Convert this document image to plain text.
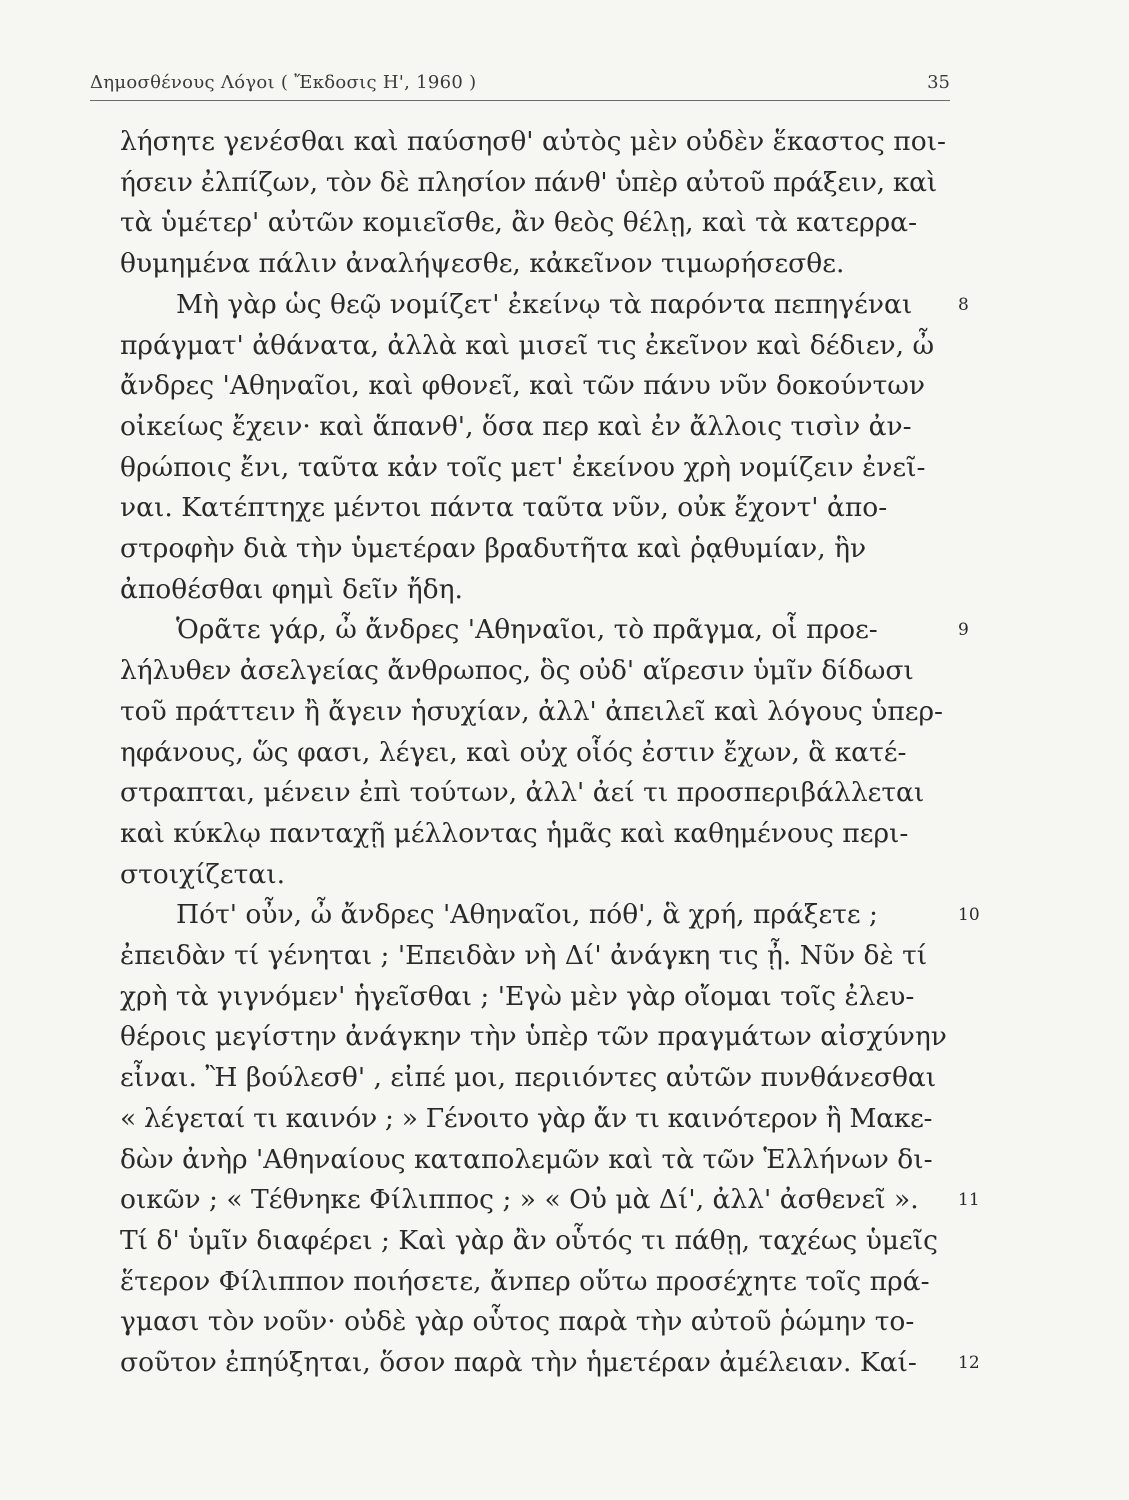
Δημοσθένους Λόγοι ( Ἔκδοσις Η', 1960 )	35
λήσητε γενέσθαι καὶ παύσησθ' αὐτὸς μὲν οὐδὲν ἕκαστος ποι-
ήσειν ἐλπίζων, τὸν δὲ πλησίον πάνθ' ὑπὲρ αὐτοῦ πράξειν, καὶ
τὰ ὑμέτερ' αὐτῶν κομιεῖσθε, ἂν θεὸς θέλῃ, καὶ τὰ κατερρα-
θυμημένα πάλιν ἀναλήψεσθε, κἀκεῖνον τιμωρήσεσθε.
Μὴ γὰρ ὡς θεῷ νομίζετ' ἐκείνῳ τὰ παρόντα πεπηγέναι	8
πράγματ' ἀθάνατα, ἀλλὰ καὶ μισεῖ τις ἐκεῖνον καὶ δέδιεν, ὦ
ἄνδρες 'Αθηναῖοι, καὶ φθονεῖ, καὶ τῶν πάνυ νῦν δοκούντων
οἰκείως ἔχειν· καὶ ἅπανθ', ὅσα περ καὶ ἐν ἄλλοις τισὶν ἀν-
θρώποις ἔνι, ταῦτα κἀν τοῖς μετ' ἐκείνου χρὴ νομίζειν ἐνεῖ-
ναι. Κατέπτηχε μέντοι πάντα ταῦτα νῦν, οὐκ ἔχοντ' ἀπο-
στροφὴν διὰ τὴν ὑμετέραν βραδυτῆτα καὶ ῥᾳθυμίαν, ἣν
ἀποθέσθαι φημὶ δεῖν ἤδη.
Ὁρᾶτε γάρ, ὦ ἄνδρες 'Αθηναῖοι, τὸ πρᾶγμα, οἷ προε-	9
λήλυθεν ἀσελγείας ἄνθρωπος, ὃς οὐδ' αἵρεσιν ὑμῖν δίδωσι
τοῦ πράττειν ἢ ἄγειν ἡσυχίαν, ἀλλ' ἀπειλεῖ καὶ λόγους ὑπερ-
ηφάνους, ὥς φασι, λέγει, καὶ οὐχ οἷός ἐστιν ἔχων, ἃ κατέ-
στραπται, μένειν ἐπὶ τούτων, ἀλλ' ἀεί τι προσπεριβάλλεται
καὶ κύκλῳ πανταχῇ μέλλοντας ἡμᾶς καὶ καθημένους περι-
στοιχίζεται.
Πότ' οὖν, ὦ ἄνδρες 'Αθηναῖοι, πόθ', ἃ χρή, πράξετε ;	10
ἐπειδὰν τί γένηται ; 'Επειδὰν νὴ Δί' ἀνάγκη τις ᾖ. Νῦν δὲ τί
χρὴ τὰ γιγνόμεν' ἡγεῖσθαι ; 'Εγὼ μὲν γὰρ οἴομαι τοῖς ἐλευ-
θέροις μεγίστην ἀνάγκην τὴν ὑπὲρ τῶν πραγμάτων αἰσχύνην
εἶναι. Ἢ βούλεσθ' , εἰπέ μοι, περιιόντες αὐτῶν πυνθάνεσθαι
« λέγεταί τι καινόν ; » Γένοιτο γὰρ ἄν τι καινότερον ἢ Μακε-
δὼν ἀνὴρ 'Αθηναίους καταπολεμῶν καὶ τὰ τῶν Ἑλλήνων δι-
οικῶν ; « Τέθνηκε Φίλιππος ; » « Οὐ μὰ Δί', ἀλλ' ἀσθενεῖ ».	11
Τί δ' ὑμῖν διαφέρει ; Καὶ γὰρ ἂν οὗτός τι πάθῃ, ταχέως ὑμεῖς
ἕτερον Φίλιππον ποιήσετε, ἄνπερ οὕτω προσέχητε τοῖς πρά-
γμασι τὸν νοῦν· οὐδὲ γὰρ οὗτος παρὰ τὴν αὐτοῦ ῥώμην το-
σοῦτον ἐπηύξηται, ὅσον παρὰ τὴν ἡμετέραν ἀμέλειαν. Καί-	12
